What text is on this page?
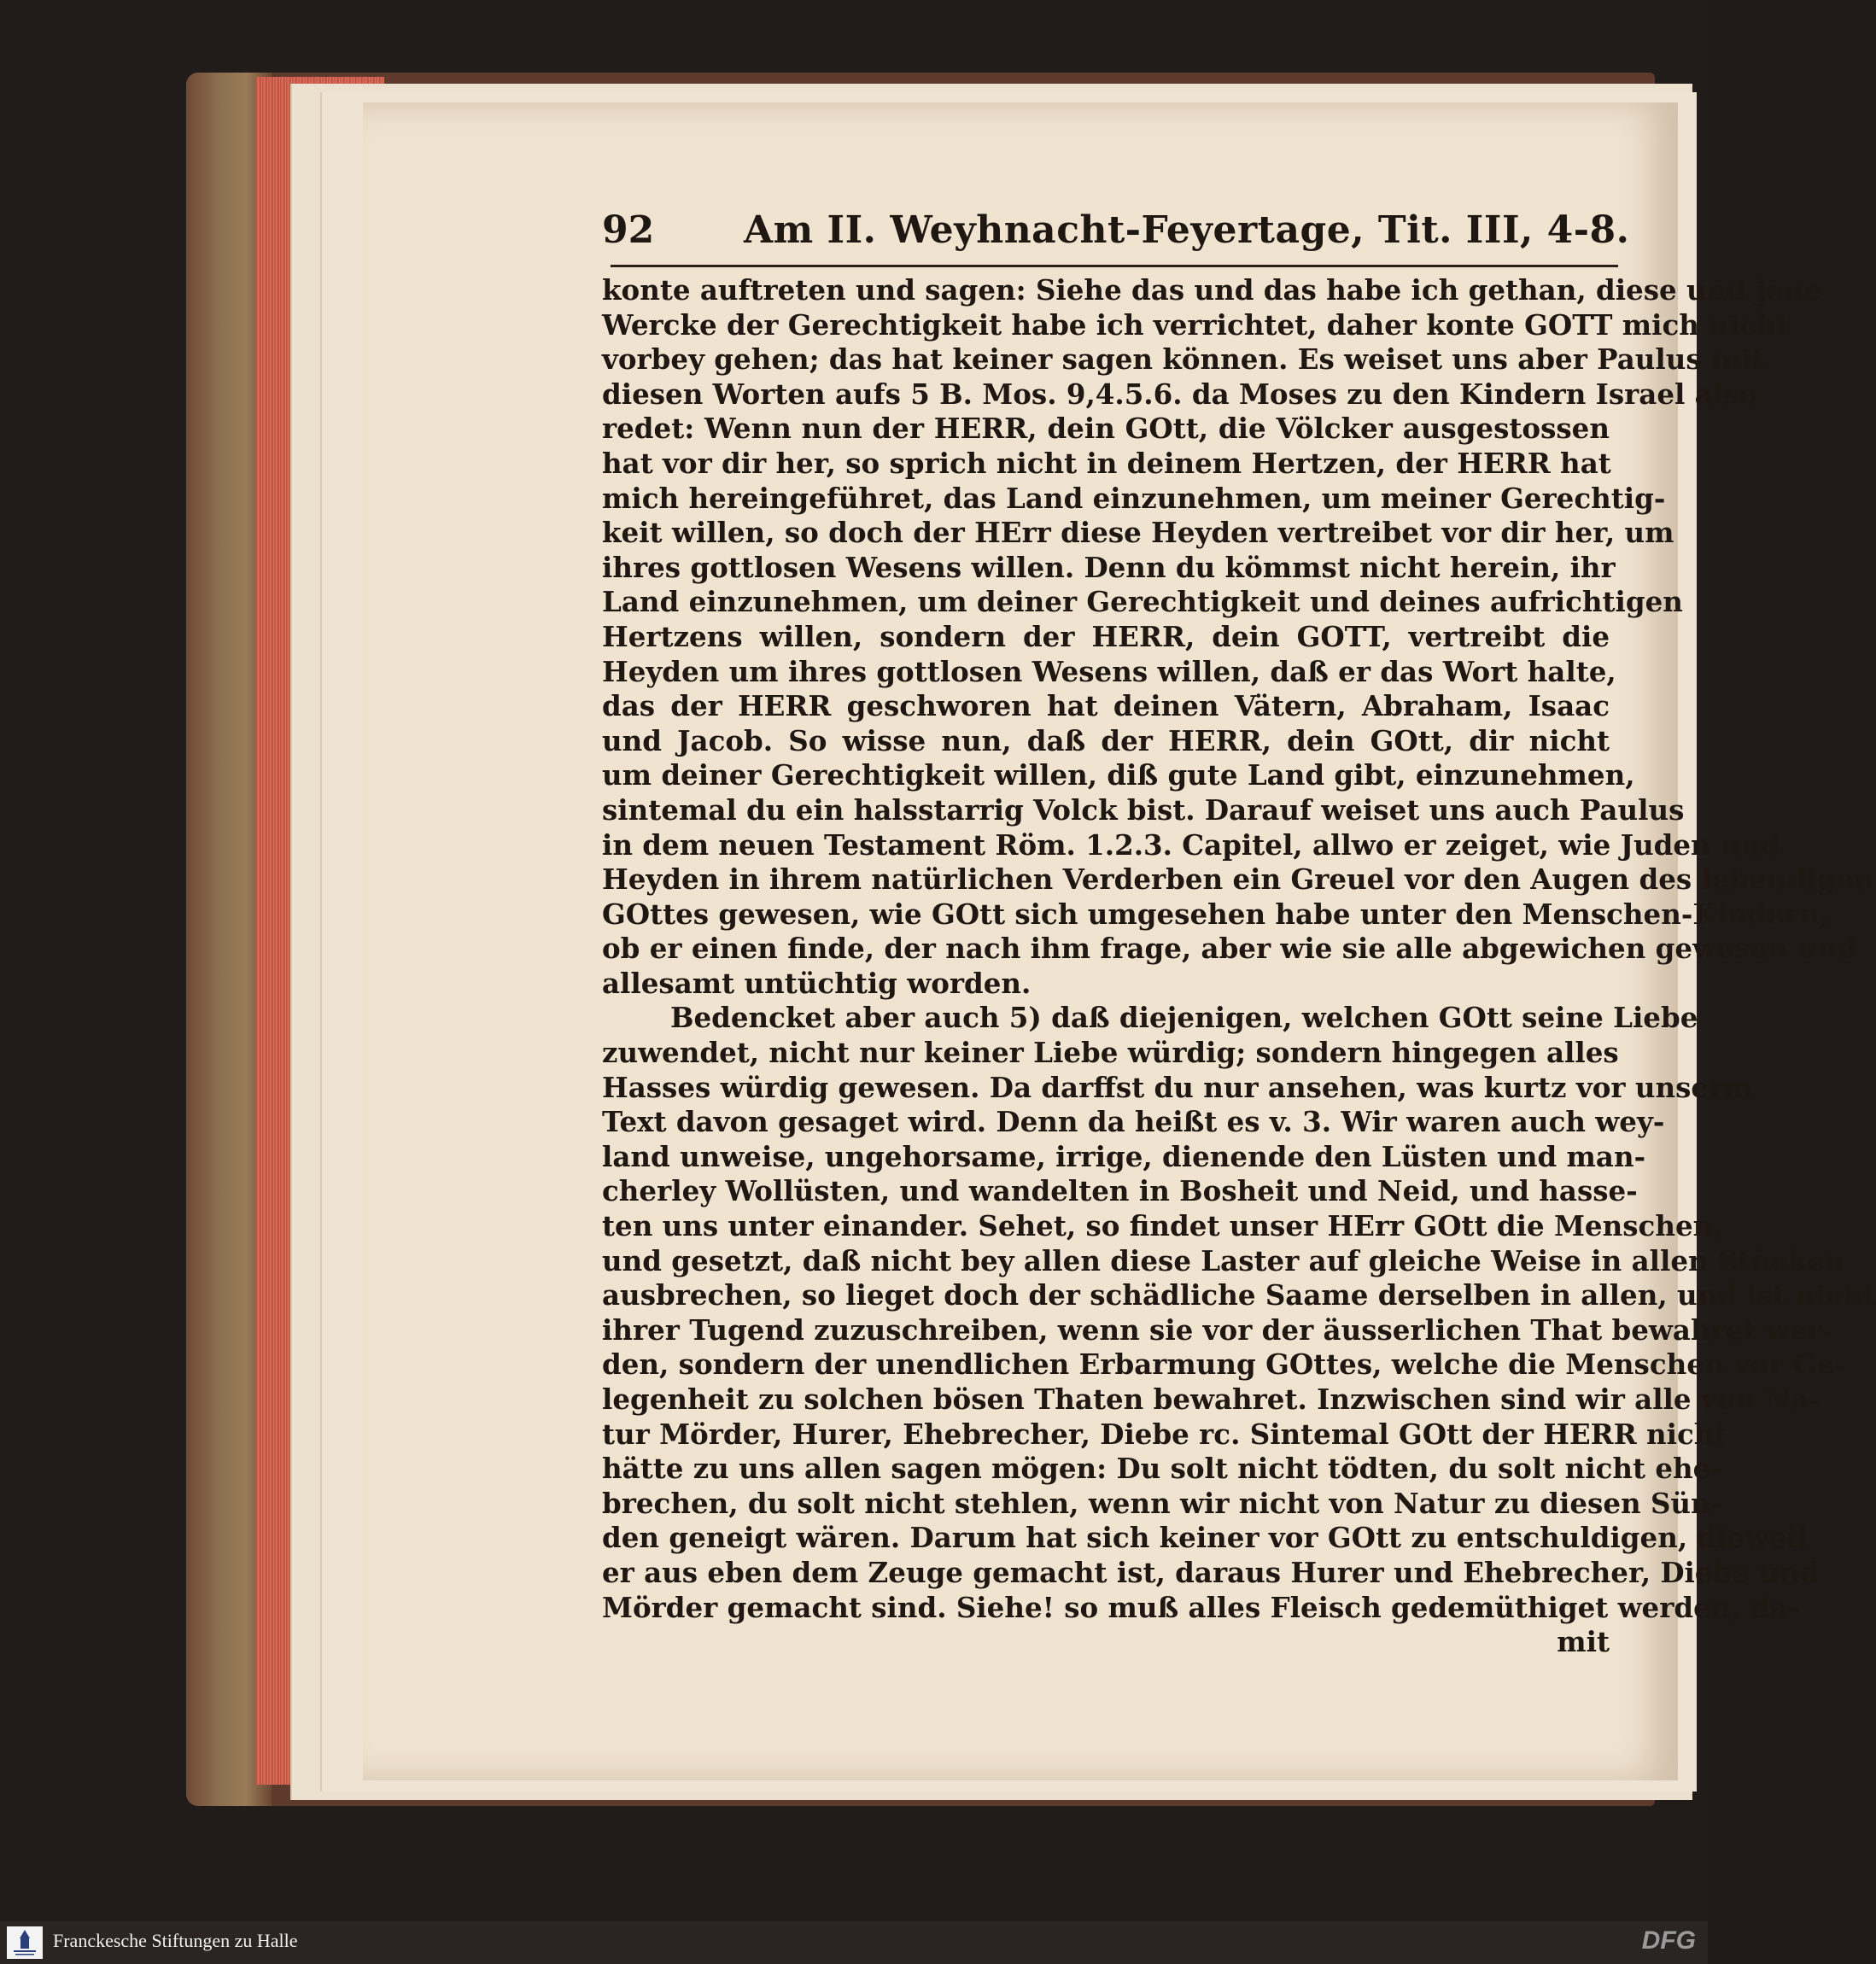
92 Am II. Weyhnacht-Feyertage, Tit. III, 4-8.
konte auftreten und sagen: Siehe das und das habe ich gethan, diese und jene
Wercke der Gerechtigkeit habe ich verrichtet, daher konte GOTT mich nicht
vorbey gehen; das hat keiner sagen können. Es weiset uns aber Paulus mit
diesen Worten aufs 5 B. Mos. 9,4.5.6. da Moses zu den Kindern Israel also
redet: Wenn nun der HERR, dein GOtt, die Völcker ausgestossen
hat vor dir her, so sprich nicht in deinem Hertzen, der HERR hat
mich hereingeführet, das Land einzunehmen, um meiner Gerechtig-
keit willen, so doch der HErr diese Heyden vertreibet vor dir her, um
ihres gottlosen Wesens willen. Denn du kömmst nicht herein, ihr
Land einzunehmen, um deiner Gerechtigkeit und deines aufrichtigen
Hertzens willen, sondern der HERR, dein GOTT, vertreibt die
Heyden um ihres gottlosen Wesens willen, daß er das Wort halte,
das der HERR geschworen hat deinen Vätern, Abraham, Isaac
und Jacob. So wisse nun, daß der HERR, dein GOtt, dir nicht
um deiner Gerechtigkeit willen, diß gute Land gibt, einzunehmen,
sintemal du ein halsstarrig Volck bist. Darauf weiset uns auch Paulus
in dem neuen Testament Röm. 1.2.3. Capitel, allwo er zeiget, wie Juden und
Heyden in ihrem natürlichen Verderben ein Greuel vor den Augen des lebendigen
GOttes gewesen, wie GOtt sich umgesehen habe unter den Menschen-Kindern,
ob er einen finde, der nach ihm frage, aber wie sie alle abgewichen gewesen und
allesamt untüchtig worden.
Bedencket aber auch 5) daß diejenigen, welchen GOtt seine Liebe
zuwendet, nicht nur keiner Liebe würdig; sondern hingegen alles
Hasses würdig gewesen. Da darffst du nur ansehen, was kurtz vor unserm
Text davon gesaget wird. Denn da heißt es v. 3. Wir waren auch wey-
land unweise, ungehorsame, irrige, dienende den Lüsten und man-
cherley Wollüsten, und wandelten in Bosheit und Neid, und hasse-
ten uns unter einander. Sehet, so findet unser HErr GOtt die Menschen,
und gesetzt, daß nicht bey allen diese Laster auf gleiche Weise in allen Stücken
ausbrechen, so lieget doch der schädliche Saame derselben in allen, und ist nicht
ihrer Tugend zuzuschreiben, wenn sie vor der äusserlichen That bewahret wer-
den, sondern der unendlichen Erbarmung GOttes, welche die Menschen vor Ge-
legenheit zu solchen bösen Thaten bewahret. Inzwischen sind wir alle von Na-
tur Mörder, Hurer, Ehebrecher, Diebe rc. Sintemal GOtt der HERR nicht
hätte zu uns allen sagen mögen: Du solt nicht tödten, du solt nicht ehe-
brechen, du solt nicht stehlen, wenn wir nicht von Natur zu diesen Sün-
den geneigt wären. Darum hat sich keiner vor GOtt zu entschuldigen, dieweil
er aus eben dem Zeuge gemacht ist, daraus Hurer und Ehebrecher, Diebe und
Mörder gemacht sind. Siehe! so muß alles Fleisch gedemüthiget werden, da-
mit
Franckesche Stiftungen zu Halle	DFG
